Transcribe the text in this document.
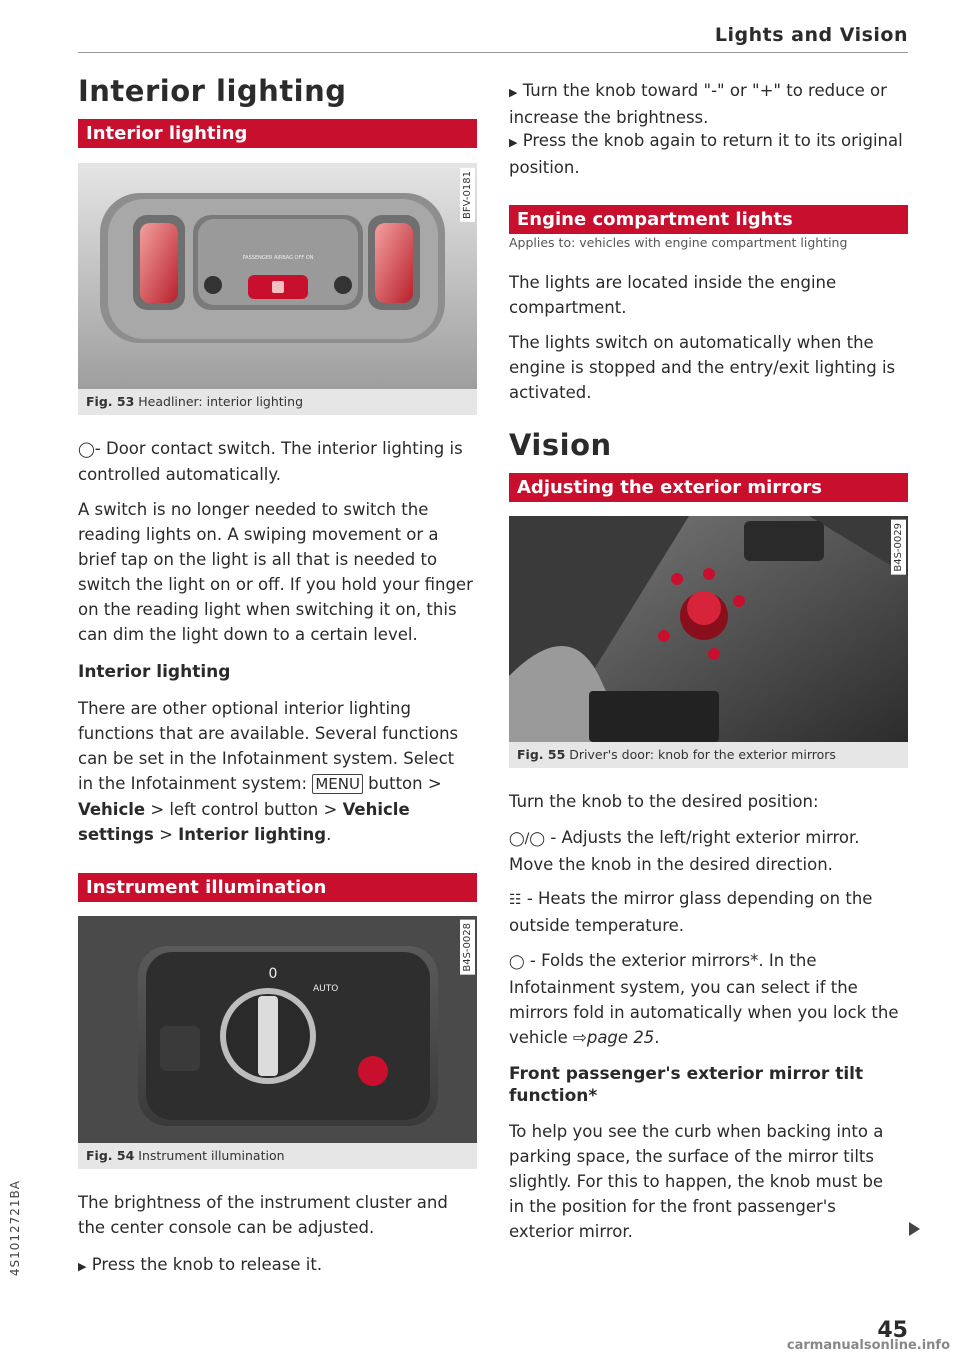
Lights and Vision
Interior lighting
Interior lighting
PASSENGER AIRBAG OFF ON
BFV-0181
Fig. 53 Headliner: interior lighting
◯- Door contact switch. The interior lighting is controlled automatically.
A switch is no longer needed to switch the reading lights on. A swiping movement or a brief tap on the light is all that is needed to switch the light on or off. If you hold your finger on the reading light when switching it on, this can dim the light down to a certain level.
Interior lighting
There are other optional interior lighting functions that are available. Several functions can be set in the Infotainment system. Select in the Infotainment system: MENU button > Vehicle > left control button > Vehicle settings > Interior lighting.
Instrument illumination
0
AUTO
B4S-0028
Fig. 54 Instrument illumination
The brightness of the instrument cluster and the center console can be adjusted.
▶ Press the knob to release it.
▶ Turn the knob toward "-" or "+" to reduce or increase the brightness.
▶ Press the knob again to return it to its original position.
Engine compartment lights
Applies to: vehicles with engine compartment lighting
The lights are located inside the engine compartment.
The lights switch on automatically when the engine is stopped and the entry/exit lighting is activated.
Vision
Adjusting the exterior mirrors
B4S-0029
Fig. 55 Driver's door: knob for the exterior mirrors
Turn the knob to the desired position:
◯/◯ - Adjusts the left/right exterior mirror. Move the knob in the desired direction.
☷ - Heats the mirror glass depending on the outside temperature.
◯ - Folds the exterior mirrors*. In the Infotainment system, you can select if the mirrors fold in automatically when you lock the vehicle ⇨page 25.
Front passenger's exterior mirror tilt function*
To help you see the curb when backing into a parking space, the surface of the mirror tilts slightly. For this to happen, the knob must be in the position for the front passenger's exterior mirror.
4S1012721BA
45
carmanualsonline.info
